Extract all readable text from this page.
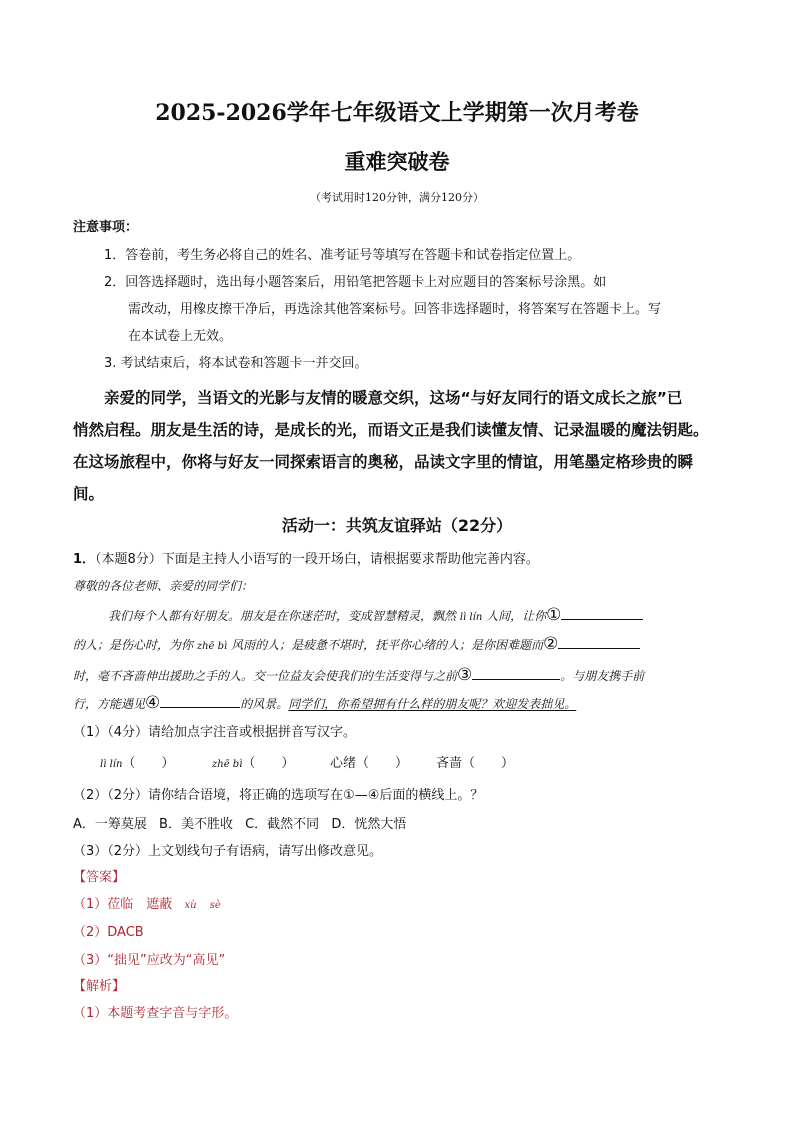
2025-2026学年七年级语文上学期第一次月考卷
重难突破卷
（考试用时120分钟，满分120分）
注意事项：
1．答卷前，考生务必将自己的姓名、准考证号等填写在答题卡和试卷指定位置上。
2．回答选择题时，选出每小题答案后，用铅笔把答题卡上对应题目的答案标号涂黑。如
需改动，用橡皮擦干净后，再选涂其他答案标号。回答非选择题时，将答案写在答题卡上。写
在本试卷上无效。
3. 考试结束后，将本试卷和答题卡一并交回。
亲爱的同学，当语文的光影与友情的暖意交织，这场“与好友同行的语文成长之旅”已
悄然启程。朋友是生活的诗，是成长的光，而语文正是我们读懂友情、记录温暖的魔法钥匙。
在这场旅程中，你将与好友一同探索语言的奥秘，品读文字里的情谊，用笔墨定格珍贵的瞬
间。
活动一：共筑友谊驿站（22分）
1．（本题8分）下面是主持人小语写的一段开场白，请根据要求帮助他完善内容。
尊敬的各位老师、亲爱的同学们：
我们每个人都有好朋友。朋友是在你迷茫时，变成智慧精灵，飘然 lì lín 人间，让你①
的人；是伤心时，为你 zhē bì 风雨的人；是疲惫不堪时，抚平你心绪的人；是你困难题而②
时，毫不吝啬伸出援助之手的人。交一位益友会使我们的生活变得与之前③	。与朋友携手前
行，方能遇见④	的风景。同学们，你希望拥有什么样的朋友呢？欢迎发表拙见。
（1）（4分）请给加点字注音或根据拼音写汉字。
lì lín（　　）	zhē bì（　　）	心绪（　　） 吝啬（　　）
（2）（2分）请你结合语境，将正确的选项写在①—④后面的横线上。？
A．一筹莫展 B．美不胜收 C．截然不同 D．恍然大悟
（3）（2分）上文划线句子有语病，请写出修改意见。
【答案】
（1）莅临　遮蔽 xù　 sè
（2）DACB
（3）“拙见”应改为“高见”
【解析】
（1）本题考查字音与字形。
